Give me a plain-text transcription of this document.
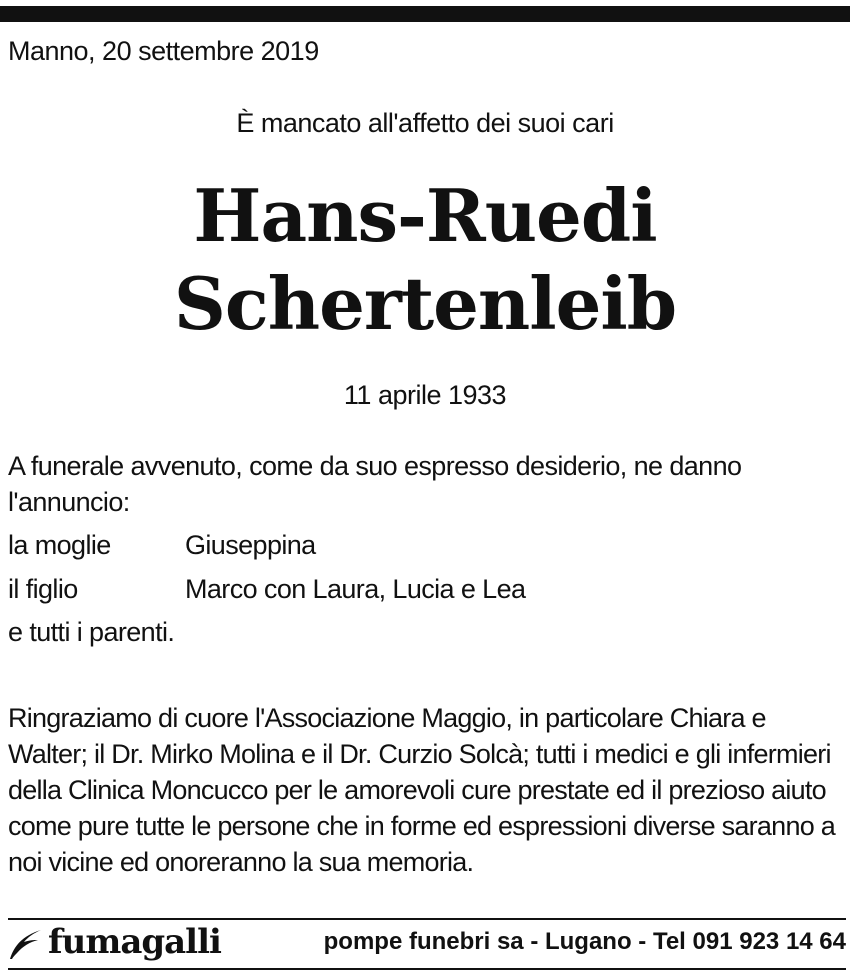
Manno, 20 settembre 2019
È mancato all'affetto dei suoi cari
Hans-Ruedi
Schertenleib
11 aprile 1933
A funerale avvenuto, come da suo espresso desiderio, ne danno l'annuncio:
la moglie	Giuseppina
il figlio	Marco con Laura, Lucia e Lea
e tutti i parenti.
Ringraziamo di cuore l'Associazione Maggio, in particolare Chiara e Walter; il Dr. Mirko Molina e il Dr. Curzio Solcà; tutti i medici e gli infermieri della Clinica Moncucco per le amorevoli cure prestate ed il prezioso aiuto come pure tutte le persone che in forme ed espressioni diverse saranno a noi vicine ed onoreranno la sua memoria.
fumagalli	pompe funebri sa - Lugano - Tel 091 923 14 64
